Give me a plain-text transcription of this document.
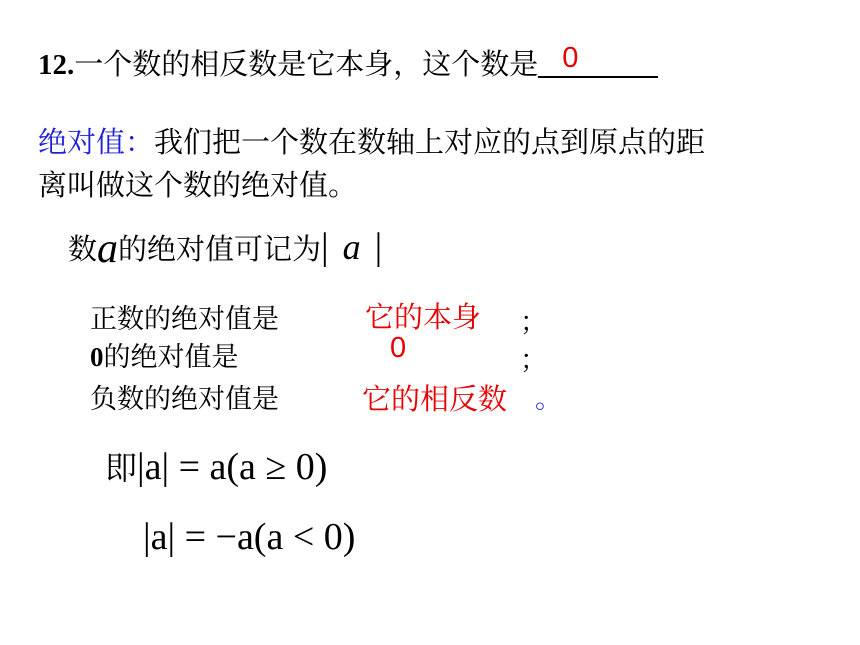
12.一个数的相反数是它本身，这个数是 0
绝对值：我们把一个数在数轴上对应的点到原点的距
离叫做这个数的绝对值。
数a的绝对值可记为| a |
正数的绝对值是	它的本身 ；
0的绝对值是	0	；
负数的绝对值是	它的相反数 。
即|a| = a(a ≥ 0)
|a| = −a(a < 0)
